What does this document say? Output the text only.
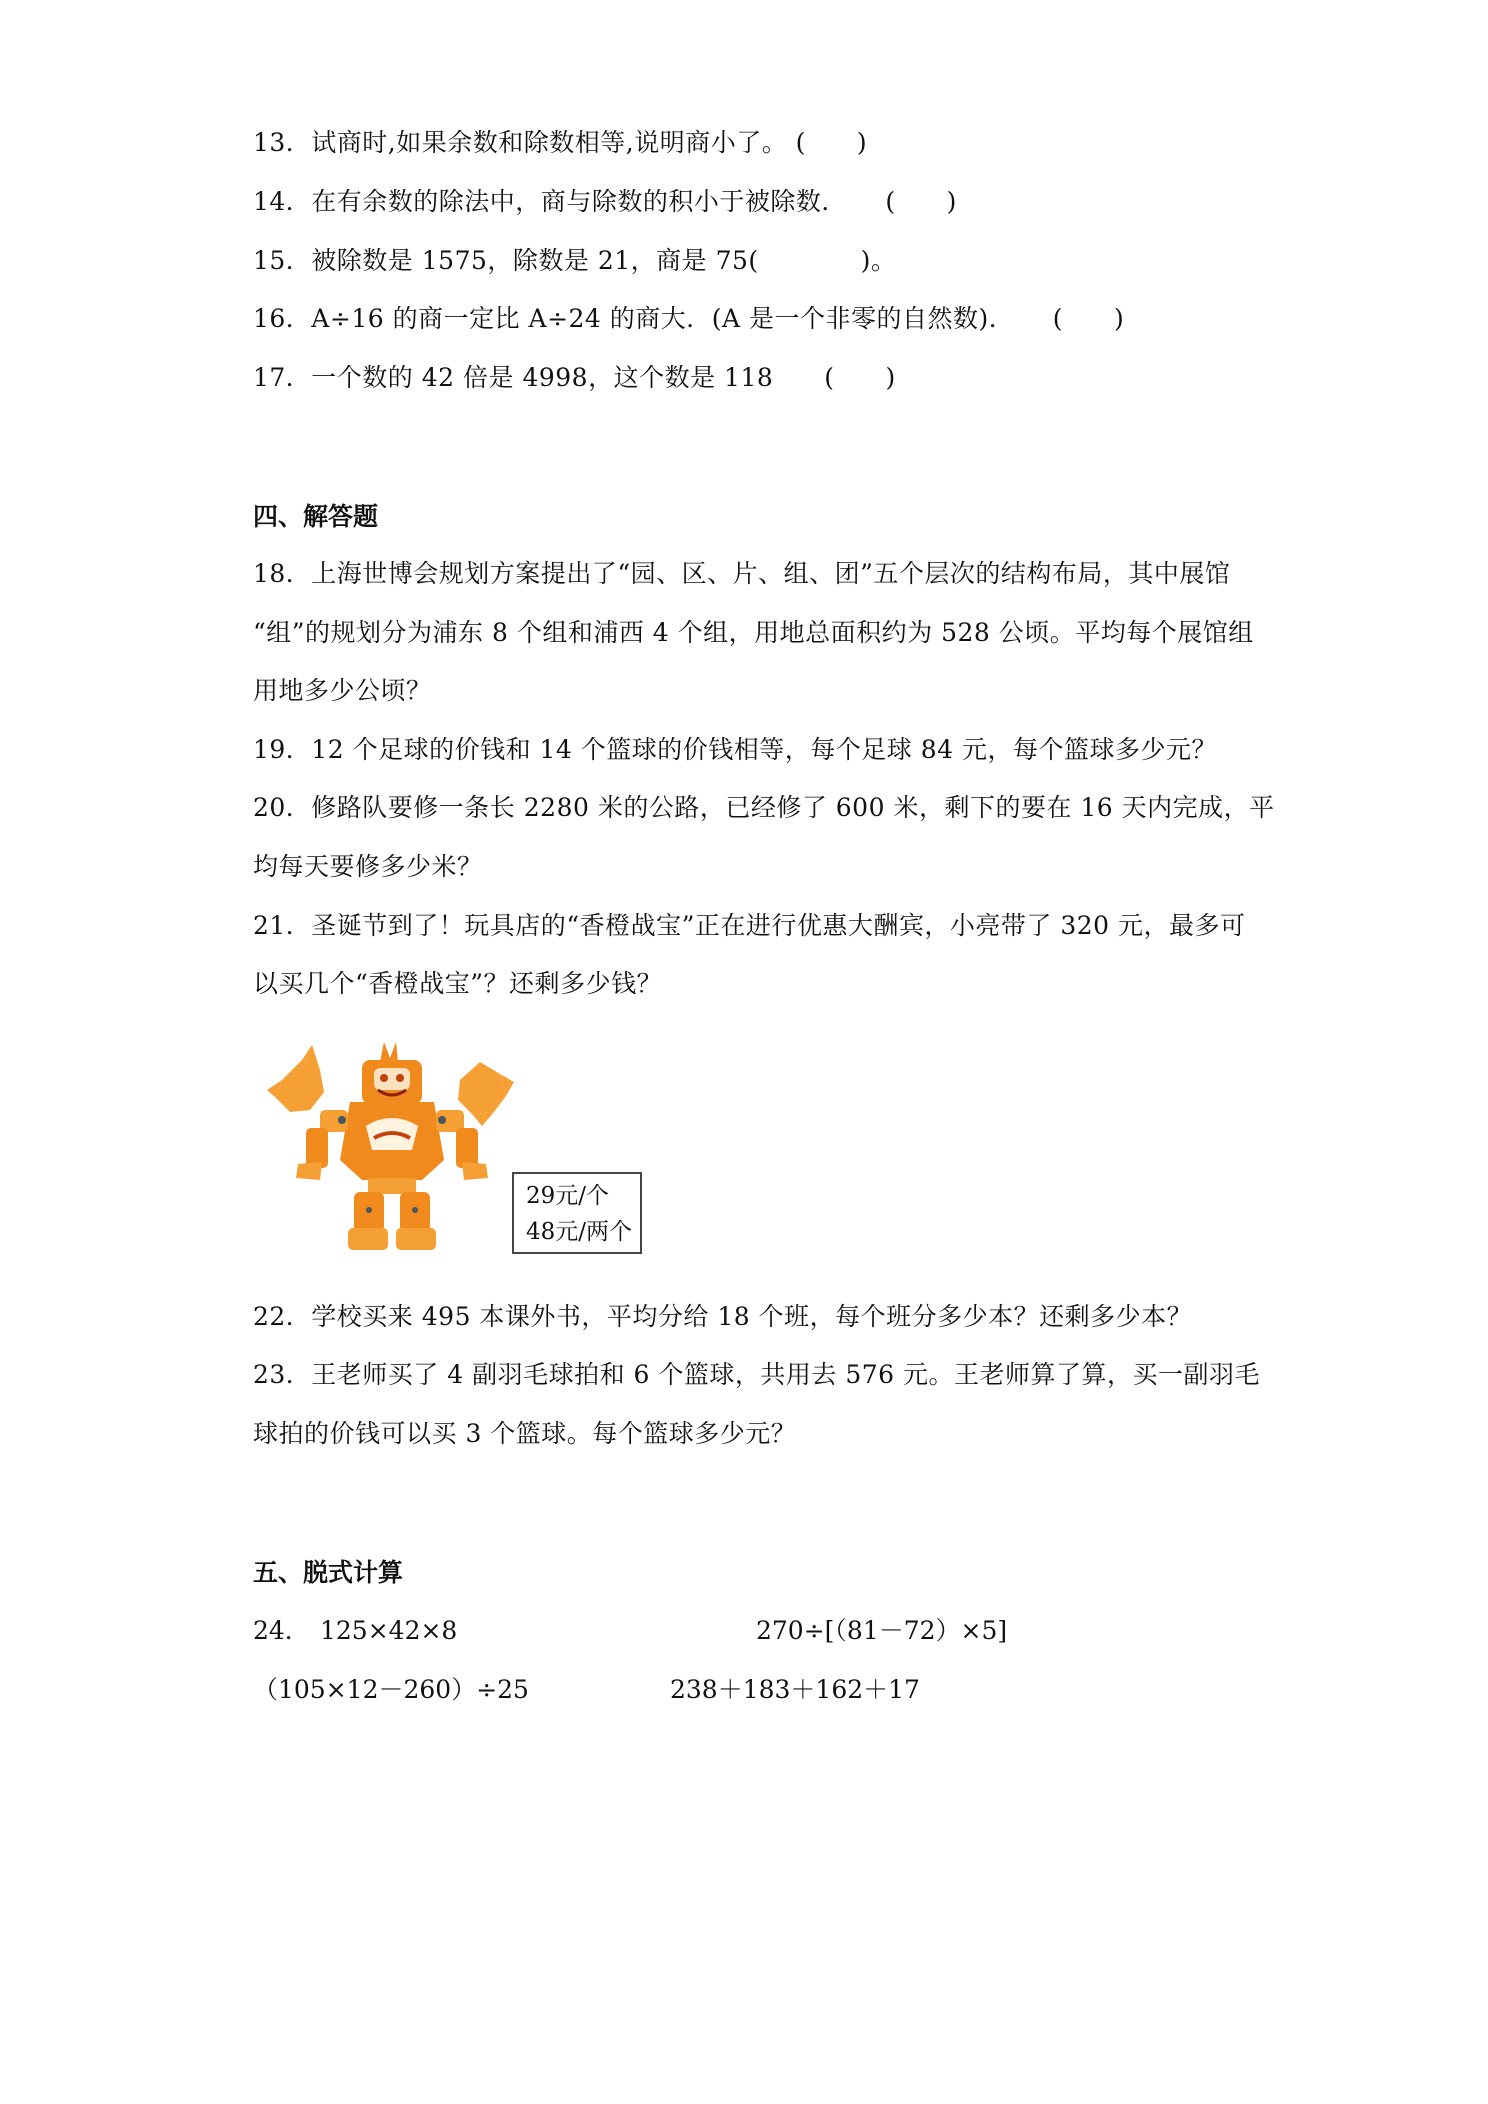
13．试商时,如果余数和除数相等,说明商小了。 (　　)
14．在有余数的除法中，商与除数的积小于被除数．　　(　　)
15．被除数是 1575，除数是 21，商是 75(　　　　)。
16．A÷16 的商一定比 A÷24 的商大．(A 是一个非零的自然数)．　　(　　)
17．一个数的 42 倍是 4998，这个数是 118　　(　　)
四、解答题
18．上海世博会规划方案提出了“园、区、片、组、团”五个层次的结构布局，其中展馆
“组”的规划分为浦东 8 个组和浦西 4 个组，用地总面积约为 528 公顷。平均每个展馆组
用地多少公顷？
19．12 个足球的价钱和 14 个篮球的价钱相等，每个足球 84 元，每个篮球多少元？
20．修路队要修一条长 2280 米的公路，已经修了 600 米，剩下的要在 16 天内完成，平
均每天要修多少米？
21．圣诞节到了！玩具店的“香橙战宝”正在进行优惠大酬宾，小亮带了 320 元，最多可
以买几个“香橙战宝”？还剩多少钱？
29元/个
48元/两个
22．学校买来 495 本课外书，平均分给 18 个班，每个班分多少本？还剩多少本？
23．王老师买了 4 副羽毛球拍和 6 个篮球，共用去 576 元。王老师算了算，买一副羽毛
球拍的价钱可以买 3 个篮球。每个篮球多少元？
五、脱式计算
24． 125×42×8	270÷[（81－72）×5]
（105×12－260）÷25	238＋183＋162＋17
